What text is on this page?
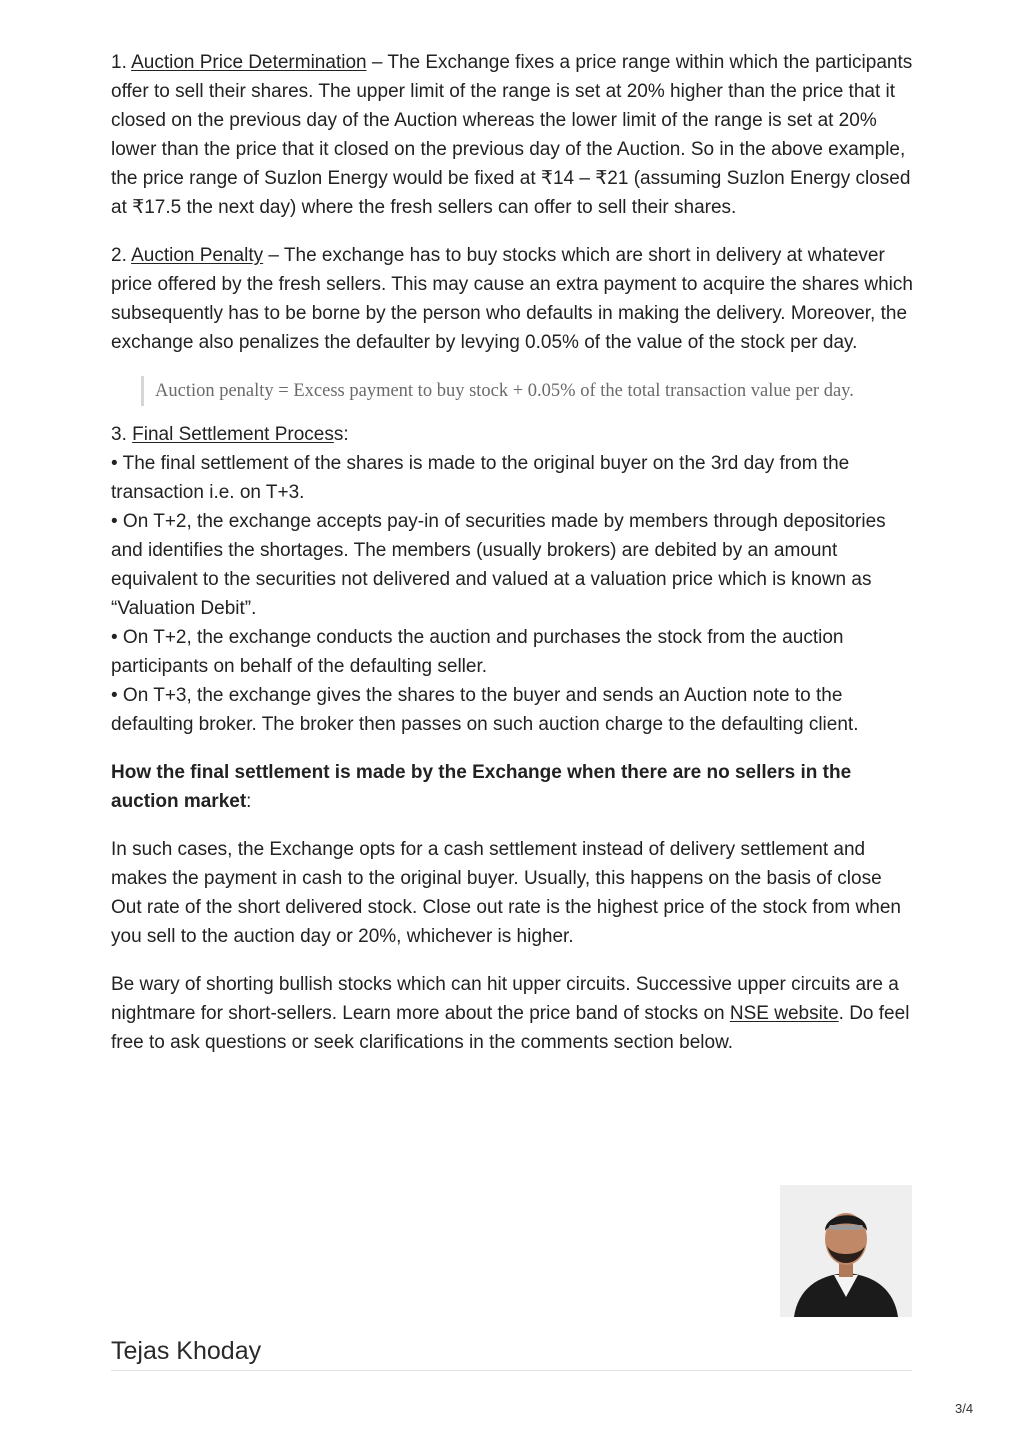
1. Auction Price Determination – The Exchange fixes a price range within which the participants offer to sell their shares. The upper limit of the range is set at 20% higher than the price that it closed on the previous day of the Auction whereas the lower limit of the range is set at 20% lower than the price that it closed on the previous day of the Auction. So in the above example, the price range of Suzlon Energy would be fixed at ₹14 – ₹21 (assuming Suzlon Energy closed at ₹17.5 the next day) where the fresh sellers can offer to sell their shares.

2. Auction Penalty – The exchange has to buy stocks which are short in delivery at whatever price offered by the fresh sellers. This may cause an extra payment to acquire the shares which subsequently has to be borne by the person who defaults in making the delivery. Moreover, the exchange also penalizes the defaulter by levying 0.05% of the value of the stock per day.

Auction penalty = Excess payment to buy stock + 0.05% of the total transaction value per day.

3. Final Settlement Process:

• The final settlement of the shares is made to the original buyer on the 3rd day from the transaction i.e. on T+3.

• On T+2, the exchange accepts pay-in of securities made by members through depositories and identifies the shortages. The members (usually brokers) are debited by an amount equivalent to the securities not delivered and valued at a valuation price which is known as “Valuation Debit”.

• On T+2, the exchange conducts the auction and purchases the stock from the auction participants on behalf of the defaulting seller.

• On T+3, the exchange gives the shares to the buyer and sends an Auction note to the defaulting broker. The broker then passes on such auction charge to the defaulting client.

How the final settlement is made by the Exchange when there are no sellers in the auction market:

In such cases, the Exchange opts for a cash settlement instead of delivery settlement and makes the payment in cash to the original buyer. Usually, this happens on the basis of close Out rate of the short delivered stock. Close out rate is the highest price of the stock from when you sell to the auction day or 20%, whichever is higher.

Be wary of shorting bullish stocks which can hit upper circuits. Successive upper circuits are a nightmare for short-sellers. Learn more about the price band of stocks on NSE website. Do feel free to ask questions or seek clarifications in the comments section below.

Tejas Khoday
3/4
